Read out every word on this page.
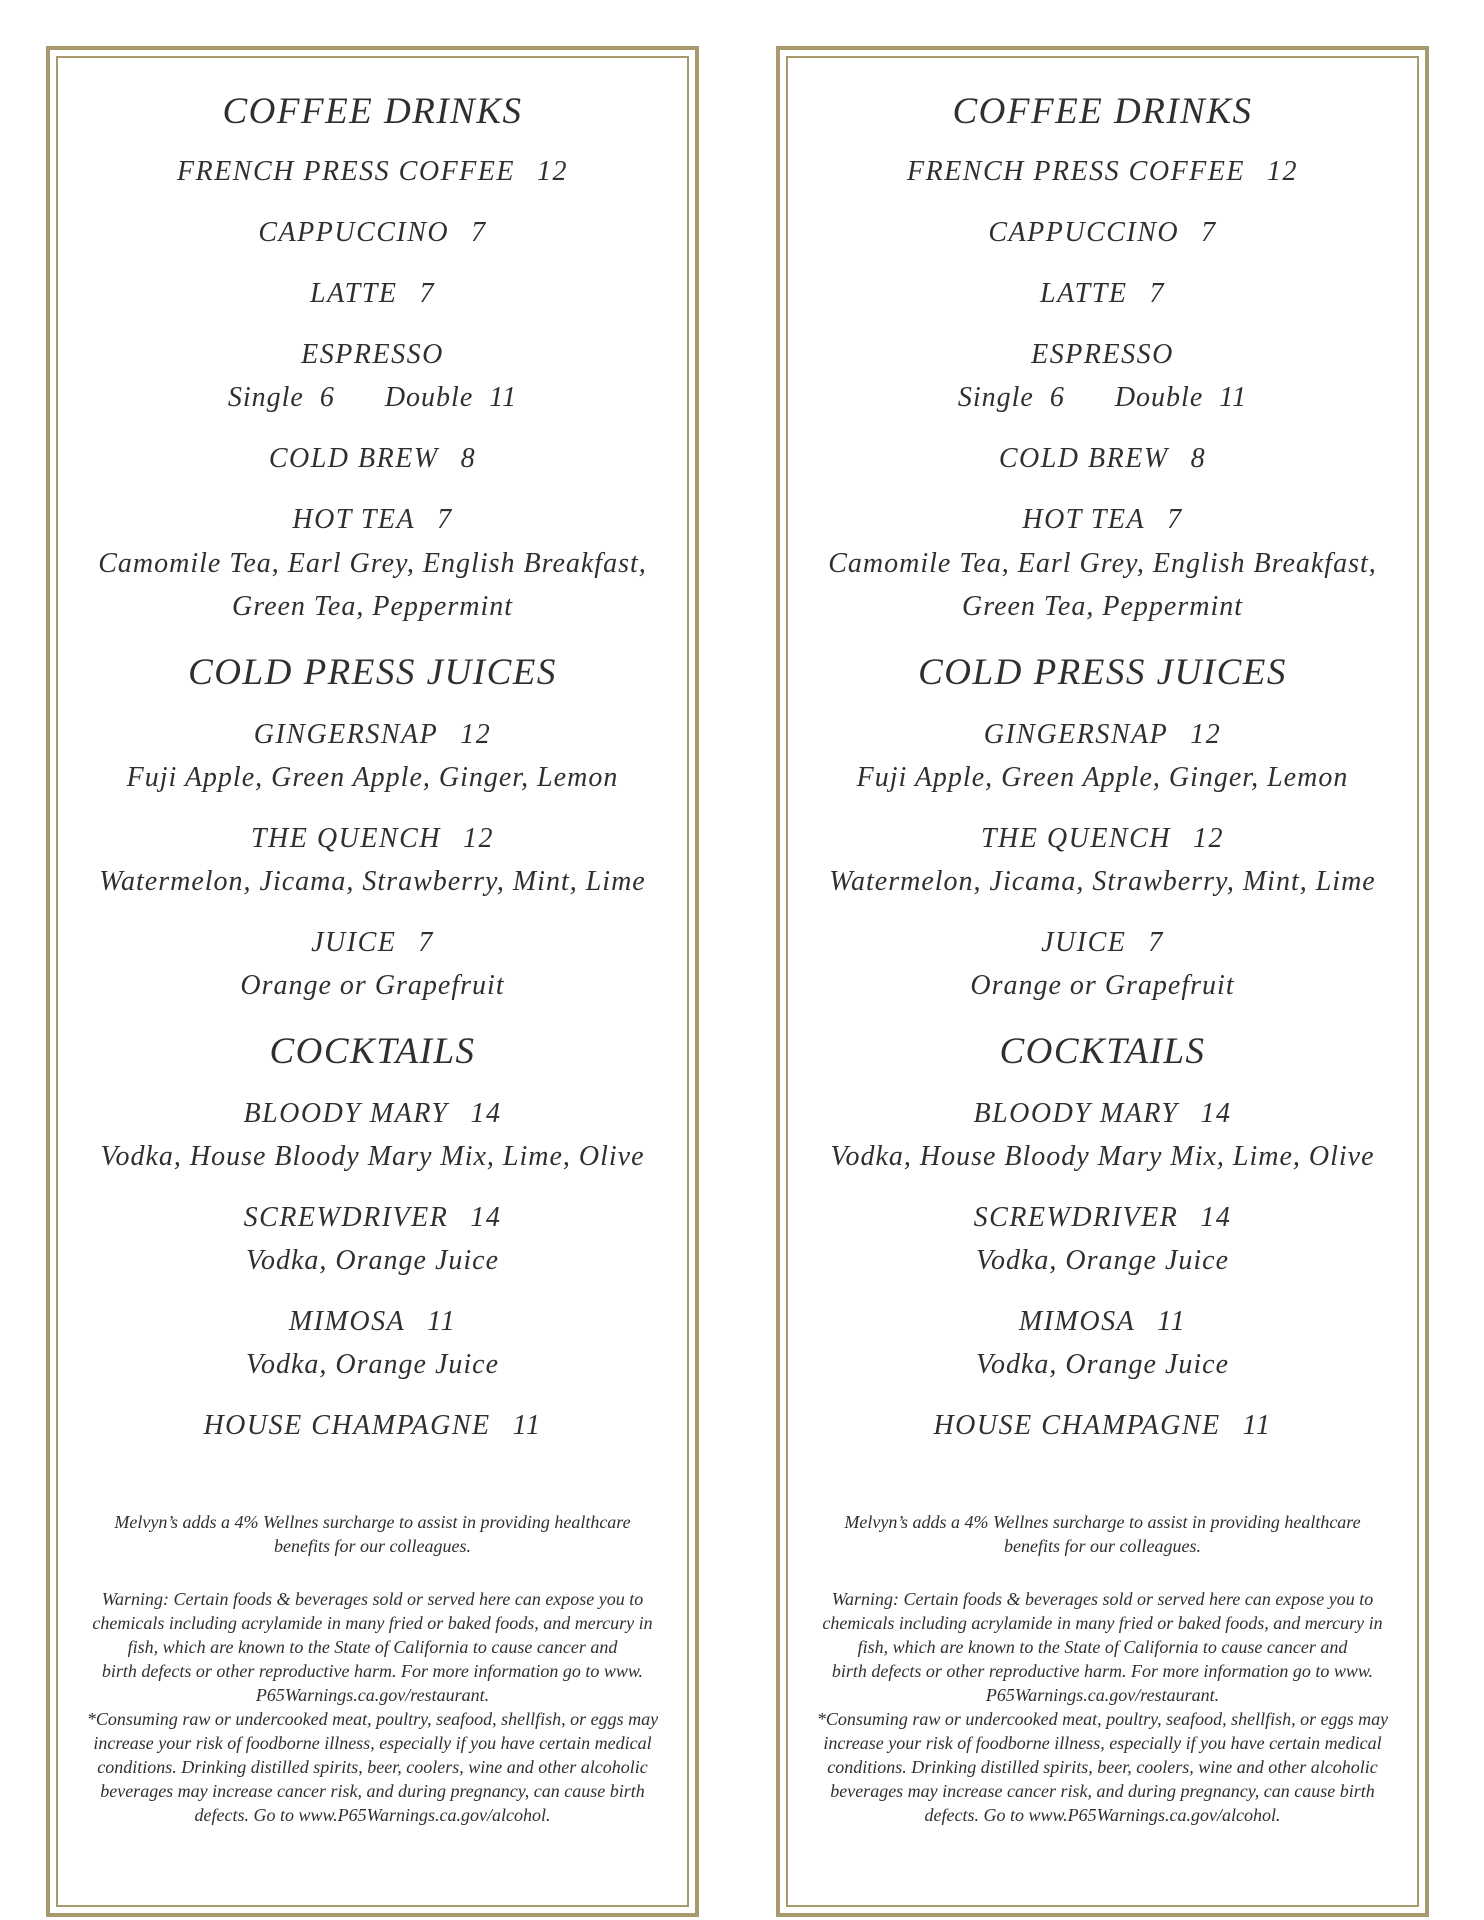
COFFEE DRINKS
FRENCH PRESS COFFEE 12
CAPPUCCINO 7
LATTE 7
ESPRESSO
Single 6 Double 11
COLD BREW 8
HOT TEA 7
Camomile Tea, Earl Grey, English Breakfast,
Green Tea, Peppermint
COLD PRESS JUICES
GINGERSNAP 12
Fuji Apple, Green Apple, Ginger, Lemon
THE QUENCH 12
Watermelon, Jicama, Strawberry, Mint, Lime
JUICE 7
Orange or Grapefruit
COCKTAILS
BLOODY MARY 14
Vodka, House Bloody Mary Mix, Lime, Olive
SCREWDRIVER 14
Vodka, Orange Juice
MIMOSA 11
Vodka, Orange Juice
HOUSE CHAMPAGNE 11
Melvyn’s adds a 4% Wellnes surcharge to assist in providing healthcare
benefits for our colleagues.
Warning: Certain foods & beverages sold or served here can expose you to
chemicals including acrylamide in many fried or baked foods, and mercury in
fish, which are known to the State of California to cause cancer and
birth defects or other reproductive harm. For more information go to www.
P65Warnings.ca.gov/restaurant.
*Consuming raw or undercooked meat, poultry, seafood, shellfish, or eggs may
increase your risk of foodborne illness, especially if you have certain medical
conditions. Drinking distilled spirits, beer, coolers, wine and other alcoholic
beverages may increase cancer risk, and during pregnancy, can cause birth
defects. Go to www.P65Warnings.ca.gov/alcohol.
COFFEE DRINKS
FRENCH PRESS COFFEE 12
CAPPUCCINO 7
LATTE 7
ESPRESSO
Single 6 Double 11
COLD BREW 8
HOT TEA 7
Camomile Tea, Earl Grey, English Breakfast,
Green Tea, Peppermint
COLD PRESS JUICES
GINGERSNAP 12
Fuji Apple, Green Apple, Ginger, Lemon
THE QUENCH 12
Watermelon, Jicama, Strawberry, Mint, Lime
JUICE 7
Orange or Grapefruit
COCKTAILS
BLOODY MARY 14
Vodka, House Bloody Mary Mix, Lime, Olive
SCREWDRIVER 14
Vodka, Orange Juice
MIMOSA 11
Vodka, Orange Juice
HOUSE CHAMPAGNE 11
Melvyn’s adds a 4% Wellnes surcharge to assist in providing healthcare
benefits for our colleagues.
Warning: Certain foods & beverages sold or served here can expose you to
chemicals including acrylamide in many fried or baked foods, and mercury in
fish, which are known to the State of California to cause cancer and
birth defects or other reproductive harm. For more information go to www.
P65Warnings.ca.gov/restaurant.
*Consuming raw or undercooked meat, poultry, seafood, shellfish, or eggs may
increase your risk of foodborne illness, especially if you have certain medical
conditions. Drinking distilled spirits, beer, coolers, wine and other alcoholic
beverages may increase cancer risk, and during pregnancy, can cause birth
defects. Go to www.P65Warnings.ca.gov/alcohol.
